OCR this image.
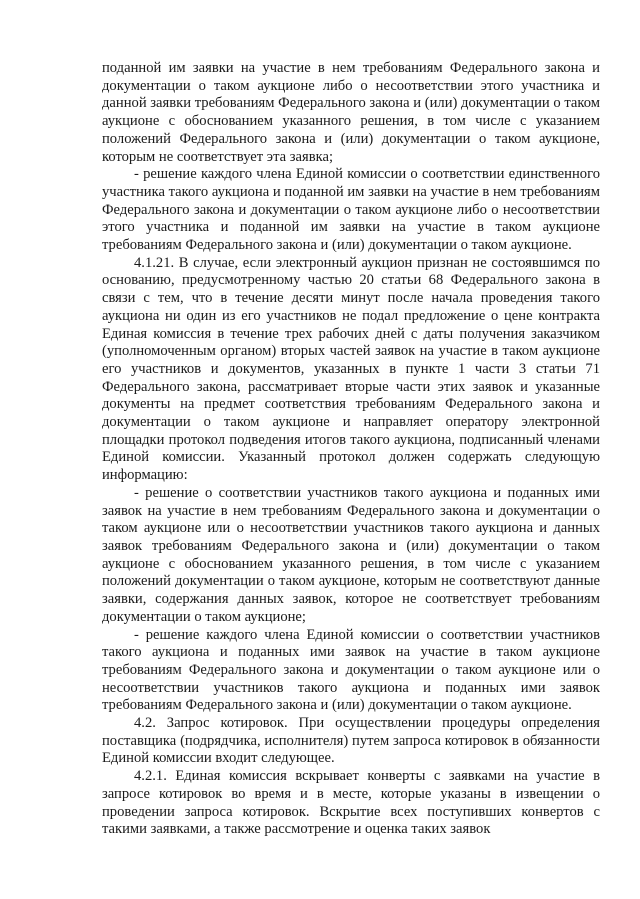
поданной им заявки на участие в нем требованиям Федерального закона и документации о таком аукционе либо о несоответствии этого участника и данной заявки требованиям Федерального закона и (или) документации о таком аукционе с обоснованием указанного решения, в том числе с указанием положений Федерального закона и (или) документации о таком аукционе, которым не соответствует эта заявка;

- решение каждого члена Единой комиссии о соответствии единственного участника такого аукциона и поданной им заявки на участие в нем требованиям Федерального закона и документации о таком аукционе либо о несоответствии этого участника и поданной им заявки на участие в таком аукционе требованиям Федерального закона и (или) документации о таком аукционе.

4.1.21. В случае, если электронный аукцион признан не состоявшимся по основанию, предусмотренному частью 20 статьи 68 Федерального закона в связи с тем, что в течение десяти минут после начала проведения такого аукциона ни один из его участников не подал предложение о цене контракта Единая комиссия в течение трех рабочих дней с даты получения заказчиком (уполномоченным органом) вторых частей заявок на участие в таком аукционе его участников и документов, указанных в пункте 1 части 3 статьи 71 Федерального закона, рассматривает вторые части этих заявок и указанные документы на предмет соответствия требованиям Федерального закона и документации о таком аукционе и направляет оператору электронной площадки протокол подведения итогов такого аукциона, подписанный членами Единой комиссии. Указанный протокол должен содержать следующую информацию:

- решение о соответствии участников такого аукциона и поданных ими заявок на участие в нем требованиям Федерального закона и документации о таком аукционе или о несоответствии участников такого аукциона и данных заявок требованиям Федерального закона и (или) документации о таком аукционе с обоснованием указанного решения, в том числе с указанием положений документации о таком аукционе, которым не соответствуют данные заявки, содержания данных заявок, которое не соответствует требованиям документации о таком аукционе;

- решение каждого члена Единой комиссии о соответствии участников такого аукциона и поданных ими заявок на участие в таком аукционе требованиям Федерального закона и документации о таком аукционе или о несоответствии участников такого аукциона и поданных ими заявок требованиям Федерального закона и (или) документации о таком аукционе.

4.2. Запрос котировок. При осуществлении процедуры определения поставщика (подрядчика, исполнителя) путем запроса котировок в обязанности Единой комиссии входит следующее.

4.2.1. Единая комиссия вскрывает конверты с заявками на участие в запросе котировок во время и в месте, которые указаны в извещении о проведении запроса котировок. Вскрытие всех поступивших конвертов с такими заявками, а также рассмотрение и оценка таких заявок
